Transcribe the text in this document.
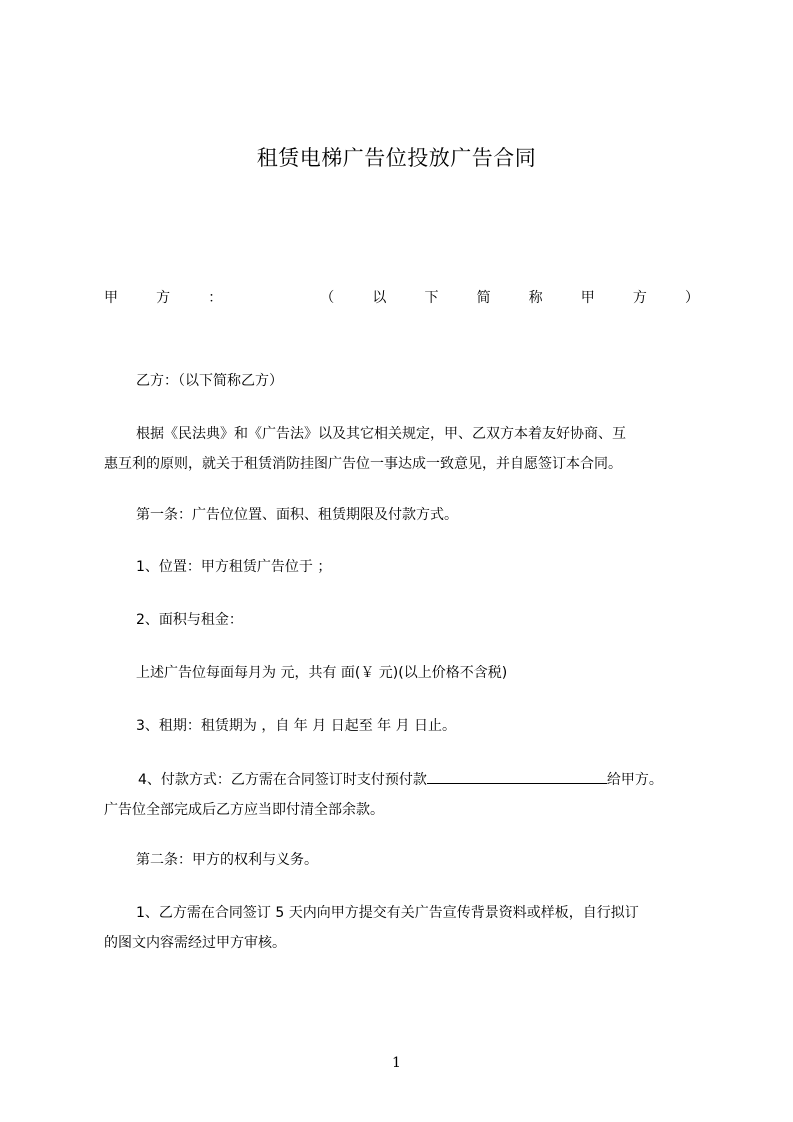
租赁电梯广告位投放广告合同
甲	方	：	（	以	下	简	称	甲	方	）
乙方：（以下简称乙方）
根据《民法典》和《广告法》以及其它相关规定，甲、乙双方本着友好协商、互
惠互利的原则，就关于租赁消防挂图广告位一事达成一致意见，并自愿签订本合同。
第一条：广告位位置、面积、租赁期限及付款方式。
1、位置：甲方租赁广告位于 ；
2、面积与租金：
上述广告位每面每月为 元，共有 面(￥ 元)(以上价格不含税)
3、租期：租赁期为 ，自 年 月 日起至 年 月 日止。
4、付款方式：乙方需在合同签订时支付预付款	给甲方。
广告位全部完成后乙方应当即付清全部余款。
第二条：甲方的权利与义务。
1、乙方需在合同签订 5 天内向甲方提交有关广告宣传背景资料或样板，自行拟订
的图文内容需经过甲方审核。
1
